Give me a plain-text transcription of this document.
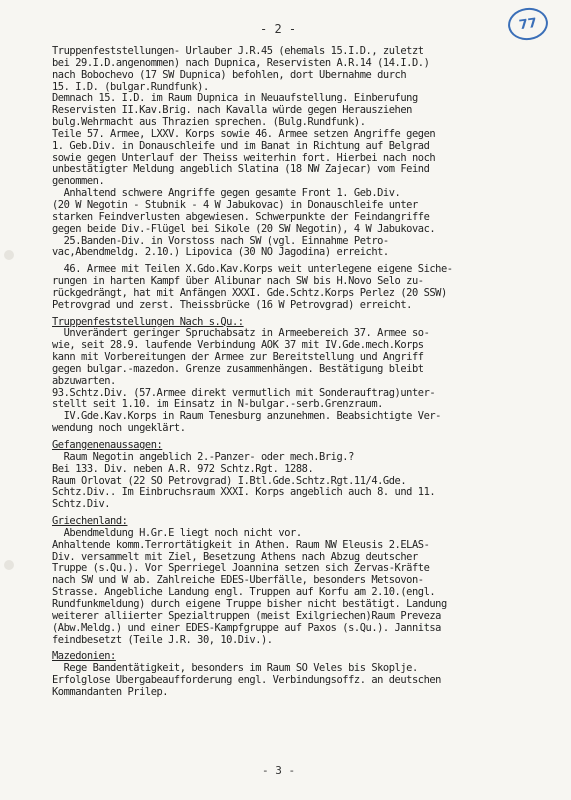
- 2 -	77
Truppenfeststellungen- Urlauber J.R.45 (ehemals 15.I.D., zuletzt
bei 29.I.D.angenommen) nach Dupnica, Reservisten A.R.14 (14.I.D.)
nach Bobochevo (17 SW Dupnica) befohlen, dort Übernahme durch
15. I.D. (bulgar.Rundfunk).
Demnach 15. I.D. im Raum Dupnica in Neuaufstellung. Einberufung
Reservisten II.Kav.Brig. nach Kavalla würde gegen Herausziehen
bulg.Wehrmacht aus Thrazien sprechen. (Bulg.Rundfunk).
Teile 57. Armee, LXXV. Korps sowie 46. Armee setzen Angriffe gegen
1. Geb.Div. in Donauschleife und im Banat in Richtung auf Belgrad
sowie gegen Unterlauf der Theiss weiterhin fort. Hierbei nach noch
unbestätigter Meldung angeblich Slatina (18 NW Zajecar) vom Feind
genommen.
Anhaltend schwere Angriffe gegen gesamte Front 1. Geb.Div.
(20 W Negotin - Stubnik - 4 W Jabukovac) in Donauschleife unter
starken Feindverlusten abgewiesen. Schwerpunkte der Feindangriffe
gegen beide Div.-Flügel bei Sikole (20 SW Negotin), 4 W Jabukovac.
25.Banden-Div. in Vorstoss nach SW (vgl. Einnahme Petro-
vac,Abendmeldg. 2.10.) Lipovica (30 NO Jagodina) erreicht.
46. Armee mit Teilen X.Gdo.Kav.Korps weit unterlegene eigene Siche-
rungen in harten Kampf über Alibunar nach SW bis H.Novo Selo zu-
rückgedrängt, hat mit Anfängen XXXI. Gde.Schtz.Korps Perlez (20 SSW)
Petrovgrad und zerst. Theissbrücke (16 W Petrovgrad) erreicht.
Truppenfeststellungen Nach s.Qu.:
Unverändert geringer Spruchabsatz in Armeebereich 37. Armee so-
wie, seit 28.9. laufende Verbindung AOK 37 mit IV.Gde.mech.Korps
kann mit Vorbereitungen der Armee zur Bereitstellung und Angriff
gegen bulgar.-mazedon. Grenze zusammenhängen. Bestätigung bleibt
abzuwarten.
93.Schtz.Div. (57.Armee direkt vermutlich mit Sonderauftrag)unter-
stellt seit 1.10. im Einsatz in N-bulgar.-serb.Grenzraum.
IV.Gde.Kav.Korps in Raum Tenesburg anzunehmen. Beabsichtigte Ver-
wendung noch ungeklärt.
Gefangenenaussagen:
Raum Negotin angeblich 2.-Panzer- oder mech.Brig.?
Bei 133. Div. neben A.R. 972 Schtz.Rgt. 1288.
Raum Orlovat (22 SO Petrovgrad) I.Btl.Gde.Schtz.Rgt.11/4.Gde.
Schtz.Div.. Im Einbruchsraum XXXI. Korps angeblich auch 8. und 11.
Schtz.Div.
Griechenland:
Abendmeldung H.Gr.E liegt noch nicht vor.
Anhaltende komm.Terrortätigkeit in Athen. Raum NW Eleusis 2.ELAS-
Div. versammelt mit Ziel, Besetzung Athens nach Abzug deutscher
Truppe (s.Qu.). Vor Sperriegel Joannina setzen sich Zervas-Kräfte
nach SW und W ab. Zahlreiche EDES-Überfälle, besonders Metsovon-
Strasse. Angebliche Landung engl. Truppen auf Korfu am 2.10.(engl.
Rundfunkmeldung) durch eigene Truppe bisher nicht bestätigt. Landung
weiterer alliierter Spezialtruppen (meist Exilgriechen)Raum Preveza
(Abw.Meldg.) und einer EDES-Kampfgruppe auf Paxos (s.Qu.). Jannitsa
feindbesetzt (Teile J.R. 30, 10.Div.).
Mazedonien:
Rege Bandentätigkeit, besonders im Raum SO Veles bis Skoplje.
Erfolglose Übergabeaufforderung engl. Verbindungsoffz. an deutschen
Kommandanten Prilep.
- 3 -
